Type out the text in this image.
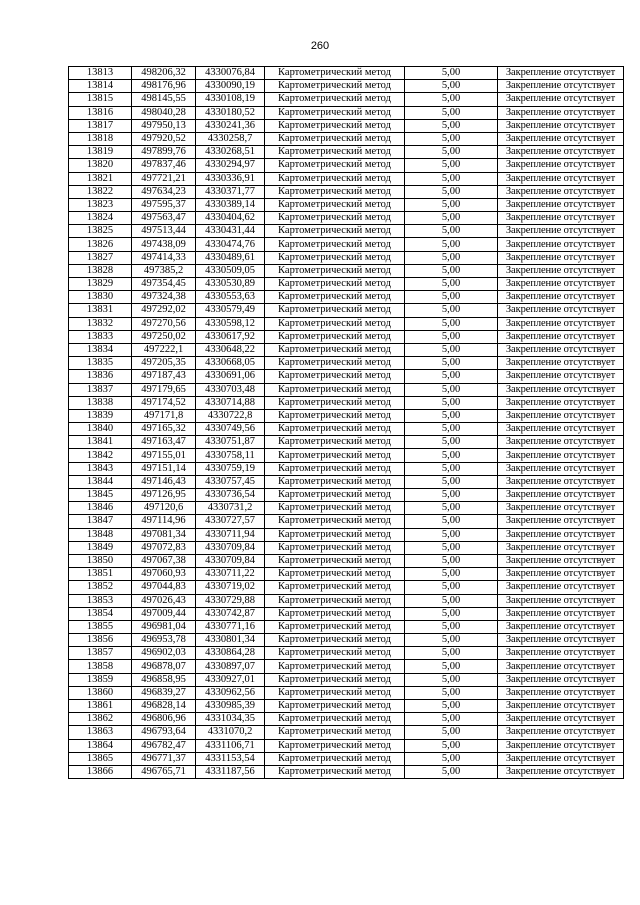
260
13813	498206,32	4330076,84	Картометрический метод	5,00	Закрепление отсутствует
13814	498176,96	4330090,19	Картометрический метод	5,00	Закрепление отсутствует
13815	498145,55	4330108,19	Картометрический метод	5,00	Закрепление отсутствует
13816	498040,28	4330180,52	Картометрический метод	5,00	Закрепление отсутствует
13817	497950,13	4330241,36	Картометрический метод	5,00	Закрепление отсутствует
13818	497920,52	4330258,7	Картометрический метод	5,00	Закрепление отсутствует
13819	497899,76	4330268,51	Картометрический метод	5,00	Закрепление отсутствует
13820	497837,46	4330294,97	Картометрический метод	5,00	Закрепление отсутствует
13821	497721,21	4330336,91	Картометрический метод	5,00	Закрепление отсутствует
13822	497634,23	4330371,77	Картометрический метод	5,00	Закрепление отсутствует
13823	497595,37	4330389,14	Картометрический метод	5,00	Закрепление отсутствует
13824	497563,47	4330404,62	Картометрический метод	5,00	Закрепление отсутствует
13825	497513,44	4330431,44	Картометрический метод	5,00	Закрепление отсутствует
13826	497438,09	4330474,76	Картометрический метод	5,00	Закрепление отсутствует
13827	497414,33	4330489,61	Картометрический метод	5,00	Закрепление отсутствует
13828	497385,2	4330509,05	Картометрический метод	5,00	Закрепление отсутствует
13829	497354,45	4330530,89	Картометрический метод	5,00	Закрепление отсутствует
13830	497324,38	4330553,63	Картометрический метод	5,00	Закрепление отсутствует
13831	497292,02	4330579,49	Картометрический метод	5,00	Закрепление отсутствует
13832	497270,56	4330598,12	Картометрический метод	5,00	Закрепление отсутствует
13833	497250,02	4330617,92	Картометрический метод	5,00	Закрепление отсутствует
13834	497222,1	4330648,22	Картометрический метод	5,00	Закрепление отсутствует
13835	497205,35	4330668,05	Картометрический метод	5,00	Закрепление отсутствует
13836	497187,43	4330691,06	Картометрический метод	5,00	Закрепление отсутствует
13837	497179,65	4330703,48	Картометрический метод	5,00	Закрепление отсутствует
13838	497174,52	4330714,88	Картометрический метод	5,00	Закрепление отсутствует
13839	497171,8	4330722,8	Картометрический метод	5,00	Закрепление отсутствует
13840	497165,32	4330749,56	Картометрический метод	5,00	Закрепление отсутствует
13841	497163,47	4330751,87	Картометрический метод	5,00	Закрепление отсутствует
13842	497155,01	4330758,11	Картометрический метод	5,00	Закрепление отсутствует
13843	497151,14	4330759,19	Картометрический метод	5,00	Закрепление отсутствует
13844	497146,43	4330757,45	Картометрический метод	5,00	Закрепление отсутствует
13845	497126,95	4330736,54	Картометрический метод	5,00	Закрепление отсутствует
13846	497120,6	4330731,2	Картометрический метод	5,00	Закрепление отсутствует
13847	497114,96	4330727,57	Картометрический метод	5,00	Закрепление отсутствует
13848	497081,34	4330711,94	Картометрический метод	5,00	Закрепление отсутствует
13849	497072,83	4330709,84	Картометрический метод	5,00	Закрепление отсутствует
13850	497067,38	4330709,84	Картометрический метод	5,00	Закрепление отсутствует
13851	497060,93	4330711,22	Картометрический метод	5,00	Закрепление отсутствует
13852	497044,83	4330719,02	Картометрический метод	5,00	Закрепление отсутствует
13853	497026,43	4330729,88	Картометрический метод	5,00	Закрепление отсутствует
13854	497009,44	4330742,87	Картометрический метод	5,00	Закрепление отсутствует
13855	496981,04	4330771,16	Картометрический метод	5,00	Закрепление отсутствует
13856	496953,78	4330801,34	Картометрический метод	5,00	Закрепление отсутствует
13857	496902,03	4330864,28	Картометрический метод	5,00	Закрепление отсутствует
13858	496878,07	4330897,07	Картометрический метод	5,00	Закрепление отсутствует
13859	496858,95	4330927,01	Картометрический метод	5,00	Закрепление отсутствует
13860	496839,27	4330962,56	Картометрический метод	5,00	Закрепление отсутствует
13861	496828,14	4330985,39	Картометрический метод	5,00	Закрепление отсутствует
13862	496806,96	4331034,35	Картометрический метод	5,00	Закрепление отсутствует
13863	496793,64	4331070,2	Картометрический метод	5,00	Закрепление отсутствует
13864	496782,47	4331106,71	Картометрический метод	5,00	Закрепление отсутствует
13865	496771,37	4331153,54	Картометрический метод	5,00	Закрепление отсутствует
13866	496765,71	4331187,56	Картометрический метод	5,00	Закрепление отсутствует
